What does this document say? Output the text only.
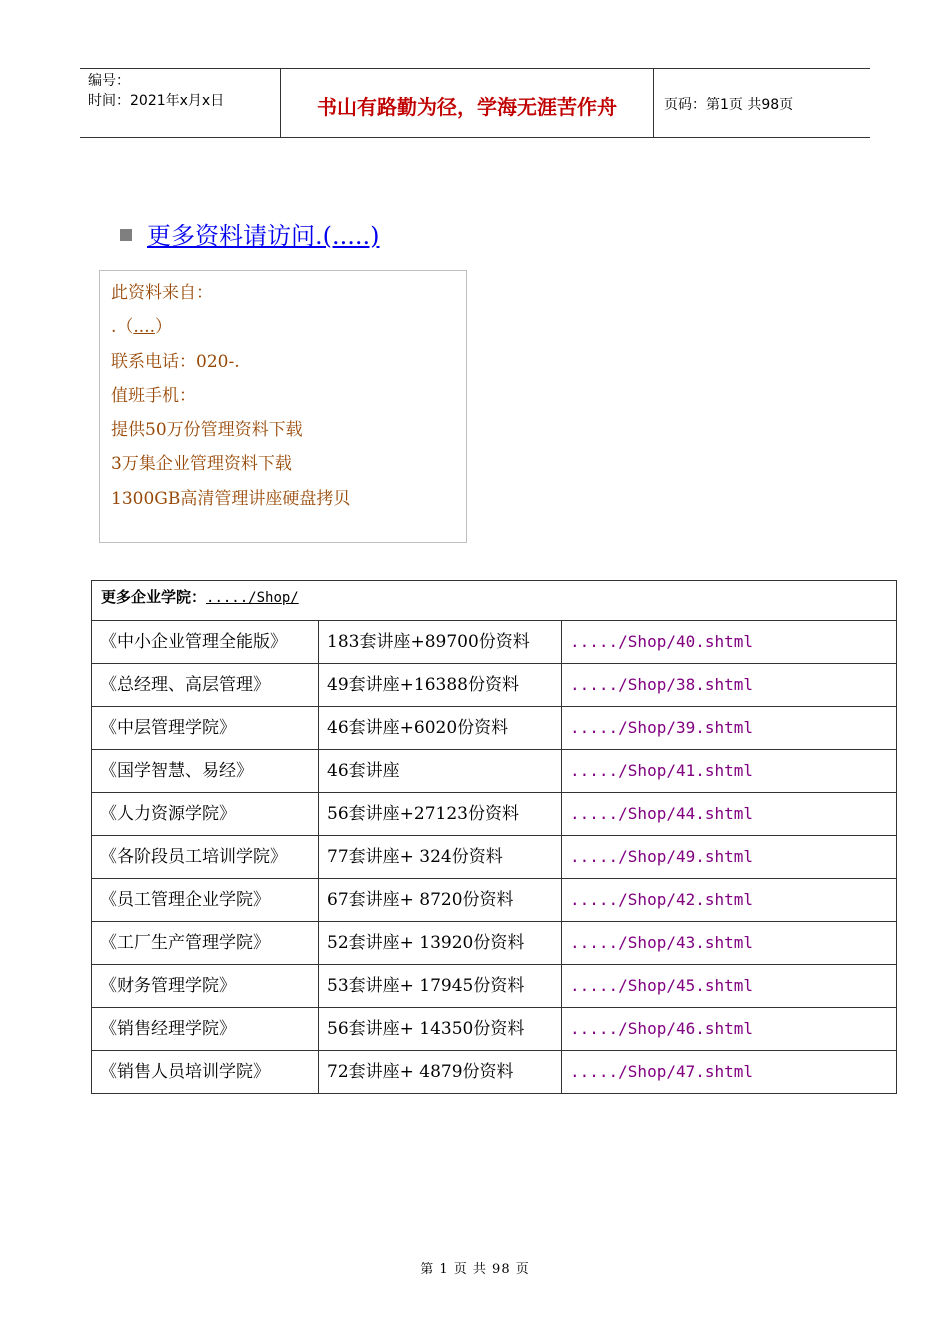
编号：
时间：2021年x月x日	书山有路勤为径，学海无涯苦作舟	页码：第1页 共98页
更多资料请访问.(.....)
此资料来自：
.（....）
联系电话：020-.
值班手机：
提供50万份管理资料下载
3万集企业管理资料下载
1300GB高清管理讲座硬盘拷贝
更多企业学院：...../Shop/		
《中小企业管理全能版》	183套讲座+89700份资料	...../Shop/40.shtml
《总经理、高层管理》	49套讲座+16388份资料	...../Shop/38.shtml
《中层管理学院》	46套讲座+6020份资料	...../Shop/39.shtml
《国学智慧、易经》	46套讲座	...../Shop/41.shtml
《人力资源学院》	56套讲座+27123份资料	...../Shop/44.shtml
《各阶段员工培训学院》	77套讲座+ 324份资料	...../Shop/49.shtml
《员工管理企业学院》	67套讲座+ 8720份资料	...../Shop/42.shtml
《工厂生产管理学院》	52套讲座+ 13920份资料	...../Shop/43.shtml
《财务管理学院》	53套讲座+ 17945份资料	...../Shop/45.shtml
《销售经理学院》	56套讲座+ 14350份资料	...../Shop/46.shtml
《销售人员培训学院》	72套讲座+ 4879份资料	...../Shop/47.shtml
第 1 页 共 98 页
